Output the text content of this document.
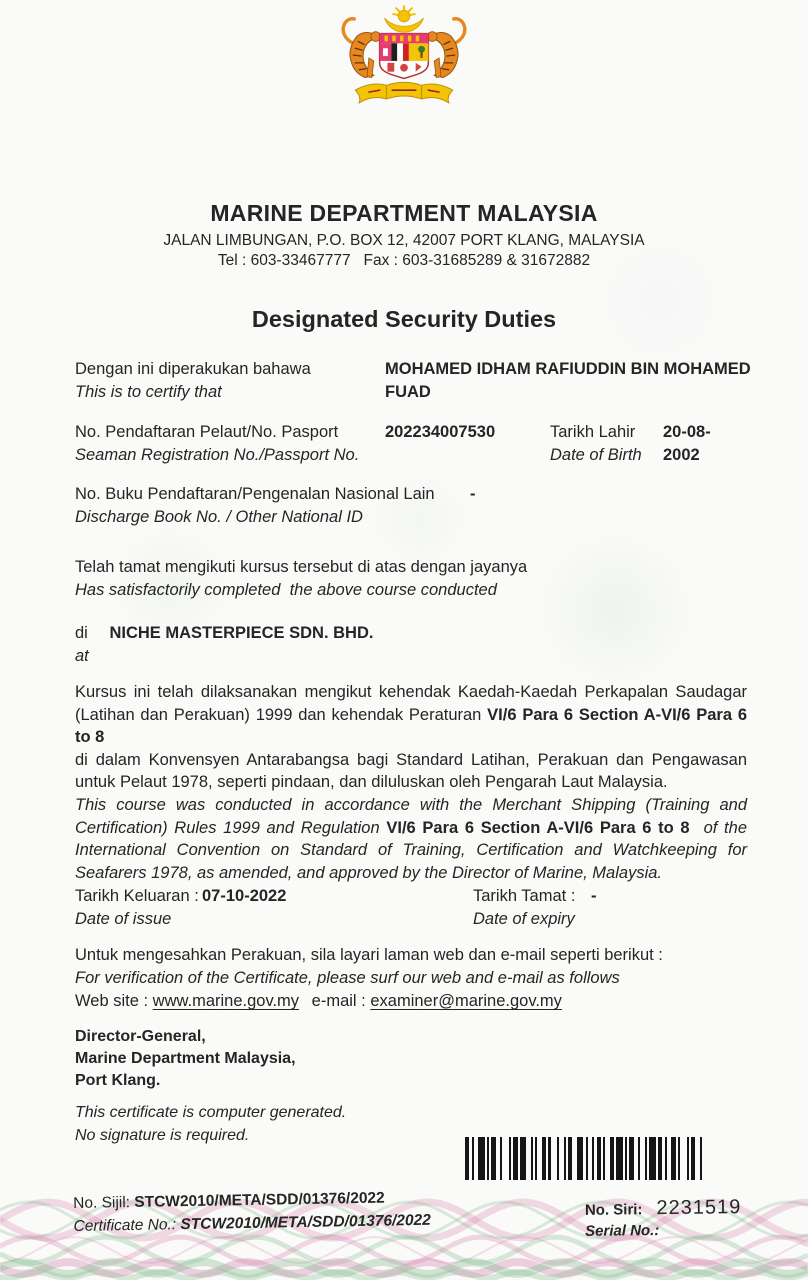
MARINE DEPARTMENT MALAYSIA
JALAN LIMBUNGAN, P.O. BOX 12, 42007 PORT KLANG, MALAYSIA
Tel : 603-33467777   Fax : 603-31685289 & 31672882
Designated Security Duties
Dengan ini diperakukan bahawa
This is to certify that
MOHAMED IDHAM RAFIUDDIN BIN MOHAMED FUAD
No. Pendaftaran Pelaut/No. Pasport
Seaman Registration No./Passport No.
202234007530	Tarikh Lahir
Date of Birth
20-08-2002
No. Buku Pendaftaran/Pengenalan Nasional Lain
Discharge Book No. / Other National ID
-
Telah tamat mengikuti kursus tersebut di atas dengan jayanya
Has satisfactorily completed  the above course conducted
di NICHE MASTERPIECE SDN. BHD.
at

Kursus ini telah dilaksanakan mengikut kehendak Kaedah-Kaedah Perkapalan Saudagar (Latihan dan Perakuan) 1999 dan kehendak Peraturan VI/6 Para 6 Section A-VI/6 Para 6 to 8

di dalam Konvensyen Antarabangsa bagi Standard Latihan, Perakuan dan Pengawasan untuk Pelaut 1978, seperti pindaan, dan diluluskan oleh Pengarah Laut Malaysia.

This course was conducted in accordance with the Merchant Shipping (Training and Certification) Rules 1999 and Regulation VI/6 Para 6 Section A-VI/6 Para 6 to 8 of the International Convention on Standard of Training, Certification and Watchkeeping for Seafarers 1978, as amended, and approved by the Director of Marine, Malaysia.

Tarikh Keluaran :
Date of issue
07-10-2022	Tarikh Tamat :
Date of expiry
-
Untuk mengesahkan Perakuan, sila layari laman web dan e-mail seperti berikut :
For verification of the Certificate, please surf our web and e-mail as follows
Web site : www.marine.gov.my e-mail : examiner@marine.gov.my
Director-General,
Marine Department Malaysia,
Port Klang.
This certificate is computer generated.
No signature is required.
No. Sijil: STCW2010/META/SDD/01376/2022
Certificate No.: STCW2010/META/SDD/01376/2022
No. Siri: 2231519
Serial No.:
